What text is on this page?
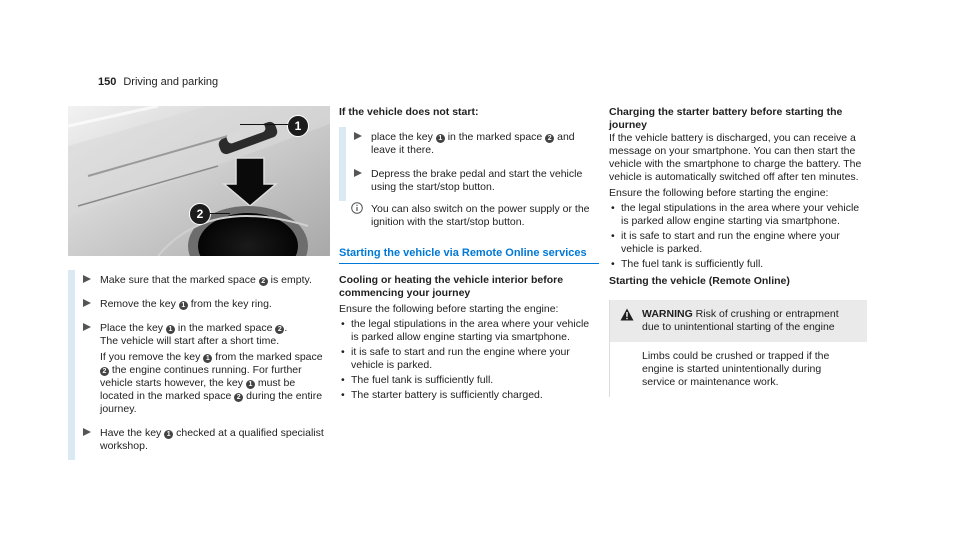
150 Driving and parking
1
2

Make sure that the marked space 2 is empty.

Remove the key 1 from the key ring.

Place the key 1 in the marked space 2 .

The vehicle will start after a short time.

If you remove the key 1 from the marked space 2 the engine continues running. For further vehicle starts however, the key 1 must be located in the marked space 2 during the entire journey.

Have the key 1 checked at a qualified specialist workshop.

If the vehicle does not start:

place the key 1 in the marked space 2 and leave it there.

Depress the brake pedal and start the vehicle using the start/stop button.

You can also switch on the power supply or the ignition with the start/stop button.

Starting the vehicle via Remote Online services

Cooling or heating the vehicle interior before commencing your journey

Ensure the following before starting the engine:

• the legal stipulations in the area where your vehicle is parked allow engine starting via smartphone.
• it is safe to start and run the engine where your vehicle is parked.
• The fuel tank is sufficiently full.
• The starter battery is sufficiently charged.

Charging the starter battery before starting the journey

If the vehicle battery is discharged, you can receive a message on your smartphone. You can then start the vehicle with the smartphone to charge the battery. The vehicle is automatically switched off after ten minutes.

Ensure the following before starting the engine:

• the legal stipulations in the area where your vehicle is parked allow engine starting via smartphone.
• it is safe to start and run the engine where your vehicle is parked.
• The fuel tank is sufficiently full.

Starting the vehicle (Remote Online)

WARNING Risk of crushing or entrapment due to unintentional starting of the engine
Limbs could be crushed or trapped if the engine is started unintentionally during service or maintenance work.
